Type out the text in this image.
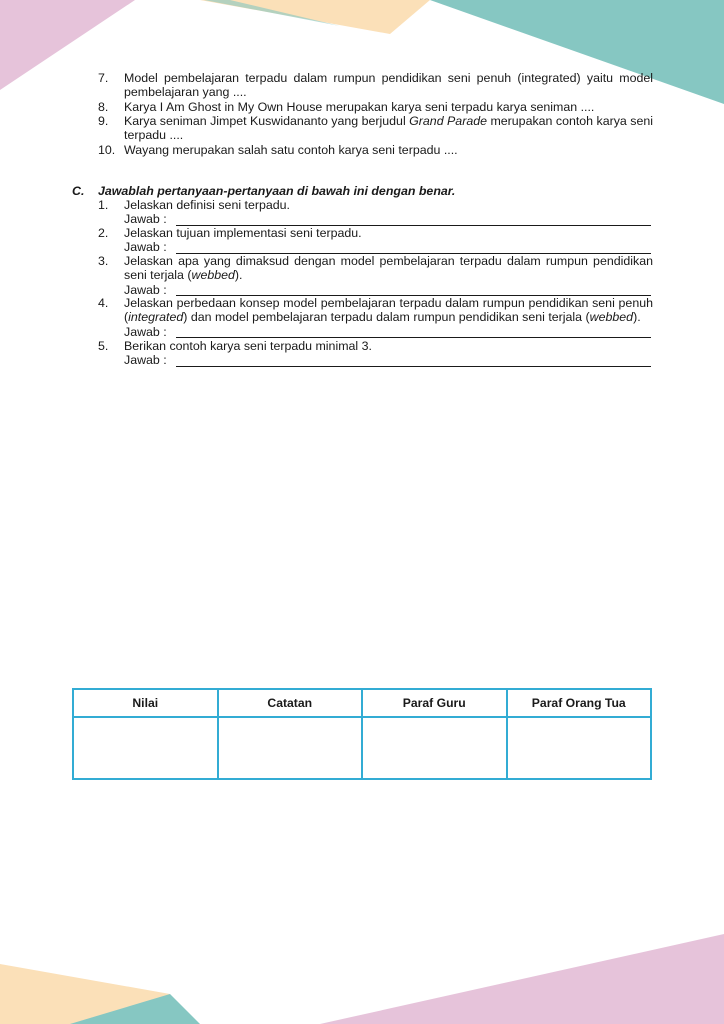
7. Model pembelajaran terpadu dalam rumpun pendidikan seni penuh (integrated) yaitu model pembelajaran yang ....
8. Karya I Am Ghost in My Own House merupakan karya seni terpadu karya seniman ....
9. Karya seniman Jimpet Kuswidananto yang berjudul Grand Parade merupakan contoh karya seni terpadu ....
10. Wayang merupakan salah satu contoh karya seni terpadu ....
C. Jawablah pertanyaan-pertanyaan di bawah ini dengan benar.
1. Jelaskan definisi seni terpadu.
Jawab :
2. Jelaskan tujuan implementasi seni terpadu.
Jawab :
3. Jelaskan apa yang dimaksud dengan model pembelajaran terpadu dalam rumpun pendidikan seni terjala (webbed).
Jawab :
4. Jelaskan perbedaan konsep model pembelajaran terpadu dalam rumpun pendidikan seni penuh (integrated) dan model pembelajaran terpadu dalam rumpun pendidikan seni terjala (webbed).
Jawab :
5. Berikan contoh karya seni terpadu minimal 3.
Jawab :
Nilai	Catatan	Paraf Guru	Paraf Orang Tua
